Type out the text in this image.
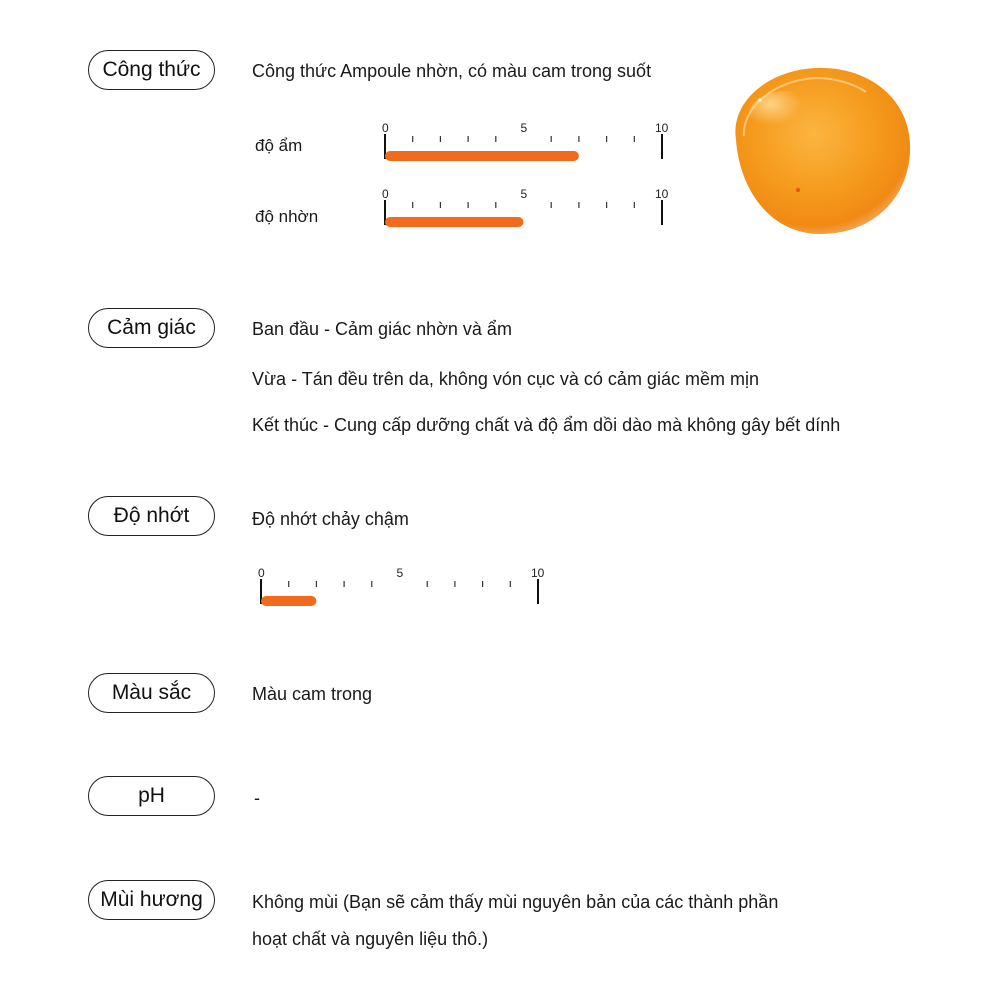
Công thức	Công thức Ampoule nhờn, có màu cam trong suốt
độ ẩm
0	5	10
độ nhờn
0	5	10
Cảm giác	Ban đầu - Cảm giác nhờn và ẩm
Vừa - Tán đều trên da, không vón cục và có cảm giác mềm mịn
Kết thúc - Cung cấp dưỡng chất và độ ẩm dồi dào mà không gây bết dính
Độ nhớt	Độ nhớt chảy chậm
0	5	10
Màu sắc	Màu cam trong
pH	-
Mùi hương	Không mùi (Bạn sẽ cảm thấy mùi nguyên bản của các thành phần
hoạt chất và nguyên liệu thô.)
